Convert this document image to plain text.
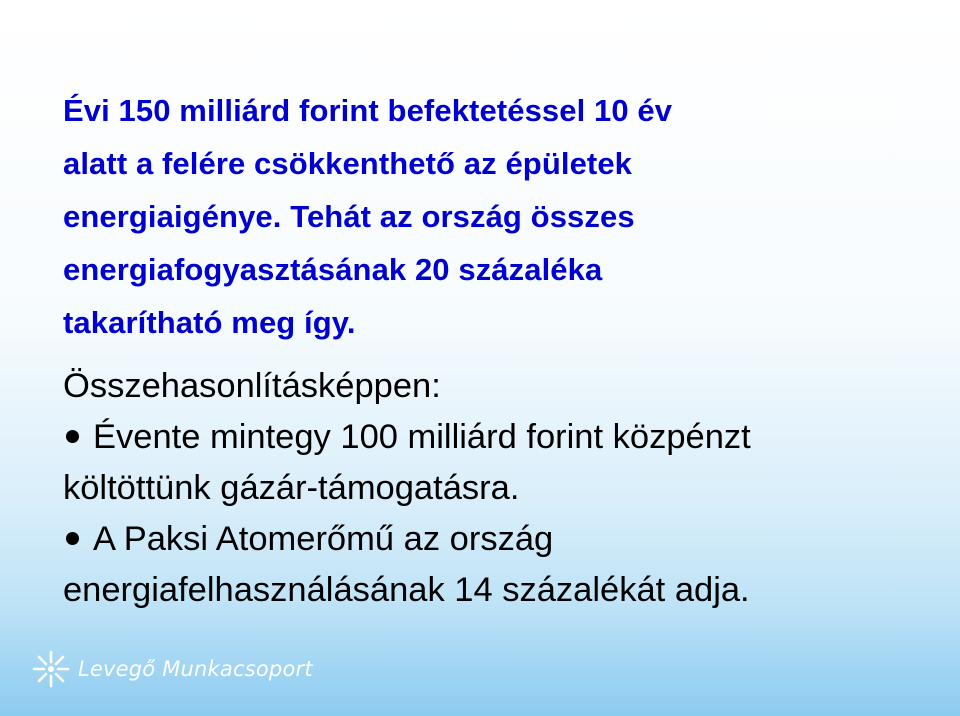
Évi 150 milliárd forint befektetéssel 10 év
alatt a felére csökkenthető az épületek
energiaigénye. Tehát az ország összes
energiafogyasztásának 20 százaléka
takarítható meg így.
Összehasonlításképpen:
Évente mintegy 100 milliárd forint közpénzt
költöttünk gázár-támogatásra.
A Paksi Atomerőmű az ország
energiafelhasználásának 14 százalékát adja.
Levegő Munkacsoport
